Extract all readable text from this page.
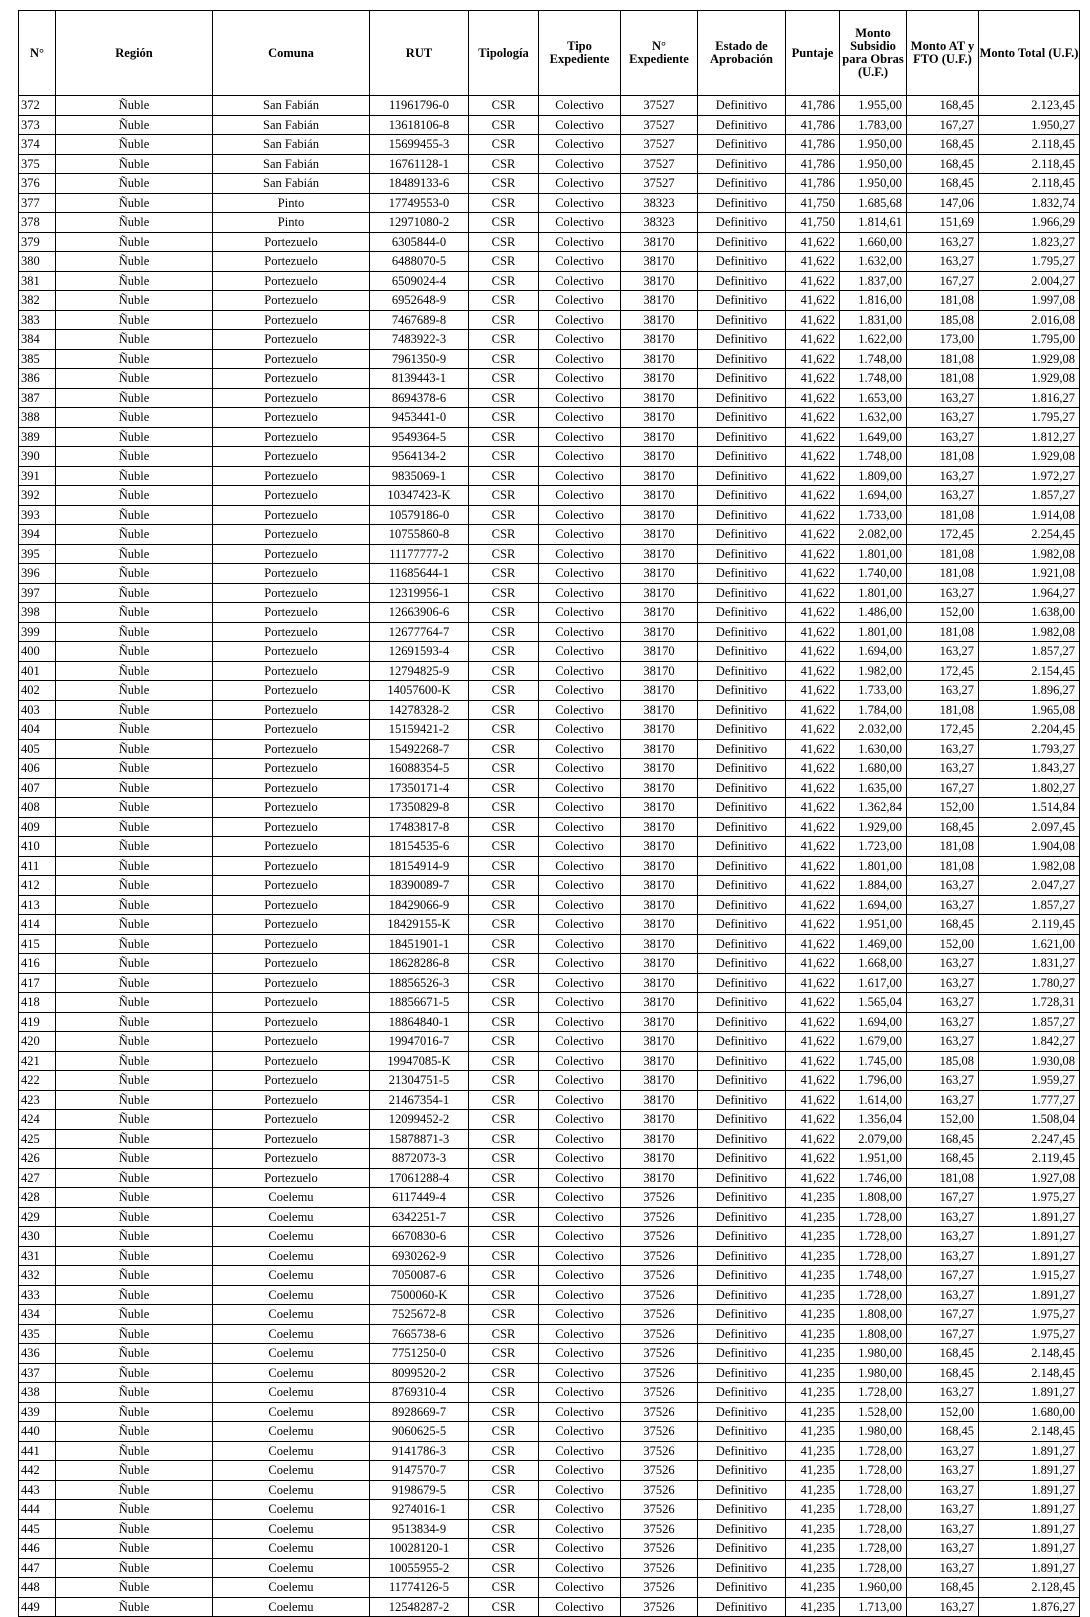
N°	Región	Comuna	RUT	Tipología	Tipo Expediente	N° Expediente	Estado de Aprobación	Puntaje	Monto Subsidio para Obras (U.F.)	Monto AT y FTO (U.F.)	Monto Total (U.F.)
372	Ñuble	San Fabián	11961796-0	CSR	Colectivo	37527	Definitivo	41,786	1.955,00	168,45	2.123,45
373	Ñuble	San Fabián	13618106-8	CSR	Colectivo	37527	Definitivo	41,786	1.783,00	167,27	1.950,27
374	Ñuble	San Fabián	15699455-3	CSR	Colectivo	37527	Definitivo	41,786	1.950,00	168,45	2.118,45
375	Ñuble	San Fabián	16761128-1	CSR	Colectivo	37527	Definitivo	41,786	1.950,00	168,45	2.118,45
376	Ñuble	San Fabián	18489133-6	CSR	Colectivo	37527	Definitivo	41,786	1.950,00	168,45	2.118,45
377	Ñuble	Pinto	17749553-0	CSR	Colectivo	38323	Definitivo	41,750	1.685,68	147,06	1.832,74
378	Ñuble	Pinto	12971080-2	CSR	Colectivo	38323	Definitivo	41,750	1.814,61	151,69	1.966,29
379	Ñuble	Portezuelo	6305844-0	CSR	Colectivo	38170	Definitivo	41,622	1.660,00	163,27	1.823,27
380	Ñuble	Portezuelo	6488070-5	CSR	Colectivo	38170	Definitivo	41,622	1.632,00	163,27	1.795,27
381	Ñuble	Portezuelo	6509024-4	CSR	Colectivo	38170	Definitivo	41,622	1.837,00	167,27	2.004,27
382	Ñuble	Portezuelo	6952648-9	CSR	Colectivo	38170	Definitivo	41,622	1.816,00	181,08	1.997,08
383	Ñuble	Portezuelo	7467689-8	CSR	Colectivo	38170	Definitivo	41,622	1.831,00	185,08	2.016,08
384	Ñuble	Portezuelo	7483922-3	CSR	Colectivo	38170	Definitivo	41,622	1.622,00	173,00	1.795,00
385	Ñuble	Portezuelo	7961350-9	CSR	Colectivo	38170	Definitivo	41,622	1.748,00	181,08	1.929,08
386	Ñuble	Portezuelo	8139443-1	CSR	Colectivo	38170	Definitivo	41,622	1.748,00	181,08	1.929,08
387	Ñuble	Portezuelo	8694378-6	CSR	Colectivo	38170	Definitivo	41,622	1.653,00	163,27	1.816,27
388	Ñuble	Portezuelo	9453441-0	CSR	Colectivo	38170	Definitivo	41,622	1.632,00	163,27	1.795,27
389	Ñuble	Portezuelo	9549364-5	CSR	Colectivo	38170	Definitivo	41,622	1.649,00	163,27	1.812,27
390	Ñuble	Portezuelo	9564134-2	CSR	Colectivo	38170	Definitivo	41,622	1.748,00	181,08	1.929,08
391	Ñuble	Portezuelo	9835069-1	CSR	Colectivo	38170	Definitivo	41,622	1.809,00	163,27	1.972,27
392	Ñuble	Portezuelo	10347423-K	CSR	Colectivo	38170	Definitivo	41,622	1.694,00	163,27	1.857,27
393	Ñuble	Portezuelo	10579186-0	CSR	Colectivo	38170	Definitivo	41,622	1.733,00	181,08	1.914,08
394	Ñuble	Portezuelo	10755860-8	CSR	Colectivo	38170	Definitivo	41,622	2.082,00	172,45	2.254,45
395	Ñuble	Portezuelo	11177777-2	CSR	Colectivo	38170	Definitivo	41,622	1.801,00	181,08	1.982,08
396	Ñuble	Portezuelo	11685644-1	CSR	Colectivo	38170	Definitivo	41,622	1.740,00	181,08	1.921,08
397	Ñuble	Portezuelo	12319956-1	CSR	Colectivo	38170	Definitivo	41,622	1.801,00	163,27	1.964,27
398	Ñuble	Portezuelo	12663906-6	CSR	Colectivo	38170	Definitivo	41,622	1.486,00	152,00	1.638,00
399	Ñuble	Portezuelo	12677764-7	CSR	Colectivo	38170	Definitivo	41,622	1.801,00	181,08	1.982,08
400	Ñuble	Portezuelo	12691593-4	CSR	Colectivo	38170	Definitivo	41,622	1.694,00	163,27	1.857,27
401	Ñuble	Portezuelo	12794825-9	CSR	Colectivo	38170	Definitivo	41,622	1.982,00	172,45	2.154,45
402	Ñuble	Portezuelo	14057600-K	CSR	Colectivo	38170	Definitivo	41,622	1.733,00	163,27	1.896,27
403	Ñuble	Portezuelo	14278328-2	CSR	Colectivo	38170	Definitivo	41,622	1.784,00	181,08	1.965,08
404	Ñuble	Portezuelo	15159421-2	CSR	Colectivo	38170	Definitivo	41,622	2.032,00	172,45	2.204,45
405	Ñuble	Portezuelo	15492268-7	CSR	Colectivo	38170	Definitivo	41,622	1.630,00	163,27	1.793,27
406	Ñuble	Portezuelo	16088354-5	CSR	Colectivo	38170	Definitivo	41,622	1.680,00	163,27	1.843,27
407	Ñuble	Portezuelo	17350171-4	CSR	Colectivo	38170	Definitivo	41,622	1.635,00	167,27	1.802,27
408	Ñuble	Portezuelo	17350829-8	CSR	Colectivo	38170	Definitivo	41,622	1.362,84	152,00	1.514,84
409	Ñuble	Portezuelo	17483817-8	CSR	Colectivo	38170	Definitivo	41,622	1.929,00	168,45	2.097,45
410	Ñuble	Portezuelo	18154535-6	CSR	Colectivo	38170	Definitivo	41,622	1.723,00	181,08	1.904,08
411	Ñuble	Portezuelo	18154914-9	CSR	Colectivo	38170	Definitivo	41,622	1.801,00	181,08	1.982,08
412	Ñuble	Portezuelo	18390089-7	CSR	Colectivo	38170	Definitivo	41,622	1.884,00	163,27	2.047,27
413	Ñuble	Portezuelo	18429066-9	CSR	Colectivo	38170	Definitivo	41,622	1.694,00	163,27	1.857,27
414	Ñuble	Portezuelo	18429155-K	CSR	Colectivo	38170	Definitivo	41,622	1.951,00	168,45	2.119,45
415	Ñuble	Portezuelo	18451901-1	CSR	Colectivo	38170	Definitivo	41,622	1.469,00	152,00	1.621,00
416	Ñuble	Portezuelo	18628286-8	CSR	Colectivo	38170	Definitivo	41,622	1.668,00	163,27	1.831,27
417	Ñuble	Portezuelo	18856526-3	CSR	Colectivo	38170	Definitivo	41,622	1.617,00	163,27	1.780,27
418	Ñuble	Portezuelo	18856671-5	CSR	Colectivo	38170	Definitivo	41,622	1.565,04	163,27	1.728,31
419	Ñuble	Portezuelo	18864840-1	CSR	Colectivo	38170	Definitivo	41,622	1.694,00	163,27	1.857,27
420	Ñuble	Portezuelo	19947016-7	CSR	Colectivo	38170	Definitivo	41,622	1.679,00	163,27	1.842,27
421	Ñuble	Portezuelo	19947085-K	CSR	Colectivo	38170	Definitivo	41,622	1.745,00	185,08	1.930,08
422	Ñuble	Portezuelo	21304751-5	CSR	Colectivo	38170	Definitivo	41,622	1.796,00	163,27	1.959,27
423	Ñuble	Portezuelo	21467354-1	CSR	Colectivo	38170	Definitivo	41,622	1.614,00	163,27	1.777,27
424	Ñuble	Portezuelo	12099452-2	CSR	Colectivo	38170	Definitivo	41,622	1.356,04	152,00	1.508,04
425	Ñuble	Portezuelo	15878871-3	CSR	Colectivo	38170	Definitivo	41,622	2.079,00	168,45	2.247,45
426	Ñuble	Portezuelo	8872073-3	CSR	Colectivo	38170	Definitivo	41,622	1.951,00	168,45	2.119,45
427	Ñuble	Portezuelo	17061288-4	CSR	Colectivo	38170	Definitivo	41,622	1.746,00	181,08	1.927,08
428	Ñuble	Coelemu	6117449-4	CSR	Colectivo	37526	Definitivo	41,235	1.808,00	167,27	1.975,27
429	Ñuble	Coelemu	6342251-7	CSR	Colectivo	37526	Definitivo	41,235	1.728,00	163,27	1.891,27
430	Ñuble	Coelemu	6670830-6	CSR	Colectivo	37526	Definitivo	41,235	1.728,00	163,27	1.891,27
431	Ñuble	Coelemu	6930262-9	CSR	Colectivo	37526	Definitivo	41,235	1.728,00	163,27	1.891,27
432	Ñuble	Coelemu	7050087-6	CSR	Colectivo	37526	Definitivo	41,235	1.748,00	167,27	1.915,27
433	Ñuble	Coelemu	7500060-K	CSR	Colectivo	37526	Definitivo	41,235	1.728,00	163,27	1.891,27
434	Ñuble	Coelemu	7525672-8	CSR	Colectivo	37526	Definitivo	41,235	1.808,00	167,27	1.975,27
435	Ñuble	Coelemu	7665738-6	CSR	Colectivo	37526	Definitivo	41,235	1.808,00	167,27	1.975,27
436	Ñuble	Coelemu	7751250-0	CSR	Colectivo	37526	Definitivo	41,235	1.980,00	168,45	2.148,45
437	Ñuble	Coelemu	8099520-2	CSR	Colectivo	37526	Definitivo	41,235	1.980,00	168,45	2.148,45
438	Ñuble	Coelemu	8769310-4	CSR	Colectivo	37526	Definitivo	41,235	1.728,00	163,27	1.891,27
439	Ñuble	Coelemu	8928669-7	CSR	Colectivo	37526	Definitivo	41,235	1.528,00	152,00	1.680,00
440	Ñuble	Coelemu	9060625-5	CSR	Colectivo	37526	Definitivo	41,235	1.980,00	168,45	2.148,45
441	Ñuble	Coelemu	9141786-3	CSR	Colectivo	37526	Definitivo	41,235	1.728,00	163,27	1.891,27
442	Ñuble	Coelemu	9147570-7	CSR	Colectivo	37526	Definitivo	41,235	1.728,00	163,27	1.891,27
443	Ñuble	Coelemu	9198679-5	CSR	Colectivo	37526	Definitivo	41,235	1.728,00	163,27	1.891,27
444	Ñuble	Coelemu	9274016-1	CSR	Colectivo	37526	Definitivo	41,235	1.728,00	163,27	1.891,27
445	Ñuble	Coelemu	9513834-9	CSR	Colectivo	37526	Definitivo	41,235	1.728,00	163,27	1.891,27
446	Ñuble	Coelemu	10028120-1	CSR	Colectivo	37526	Definitivo	41,235	1.728,00	163,27	1.891,27
447	Ñuble	Coelemu	10055955-2	CSR	Colectivo	37526	Definitivo	41,235	1.728,00	163,27	1.891,27
448	Ñuble	Coelemu	11774126-5	CSR	Colectivo	37526	Definitivo	41,235	1.960,00	168,45	2.128,45
449	Ñuble	Coelemu	12548287-2	CSR	Colectivo	37526	Definitivo	41,235	1.713,00	163,27	1.876,27
